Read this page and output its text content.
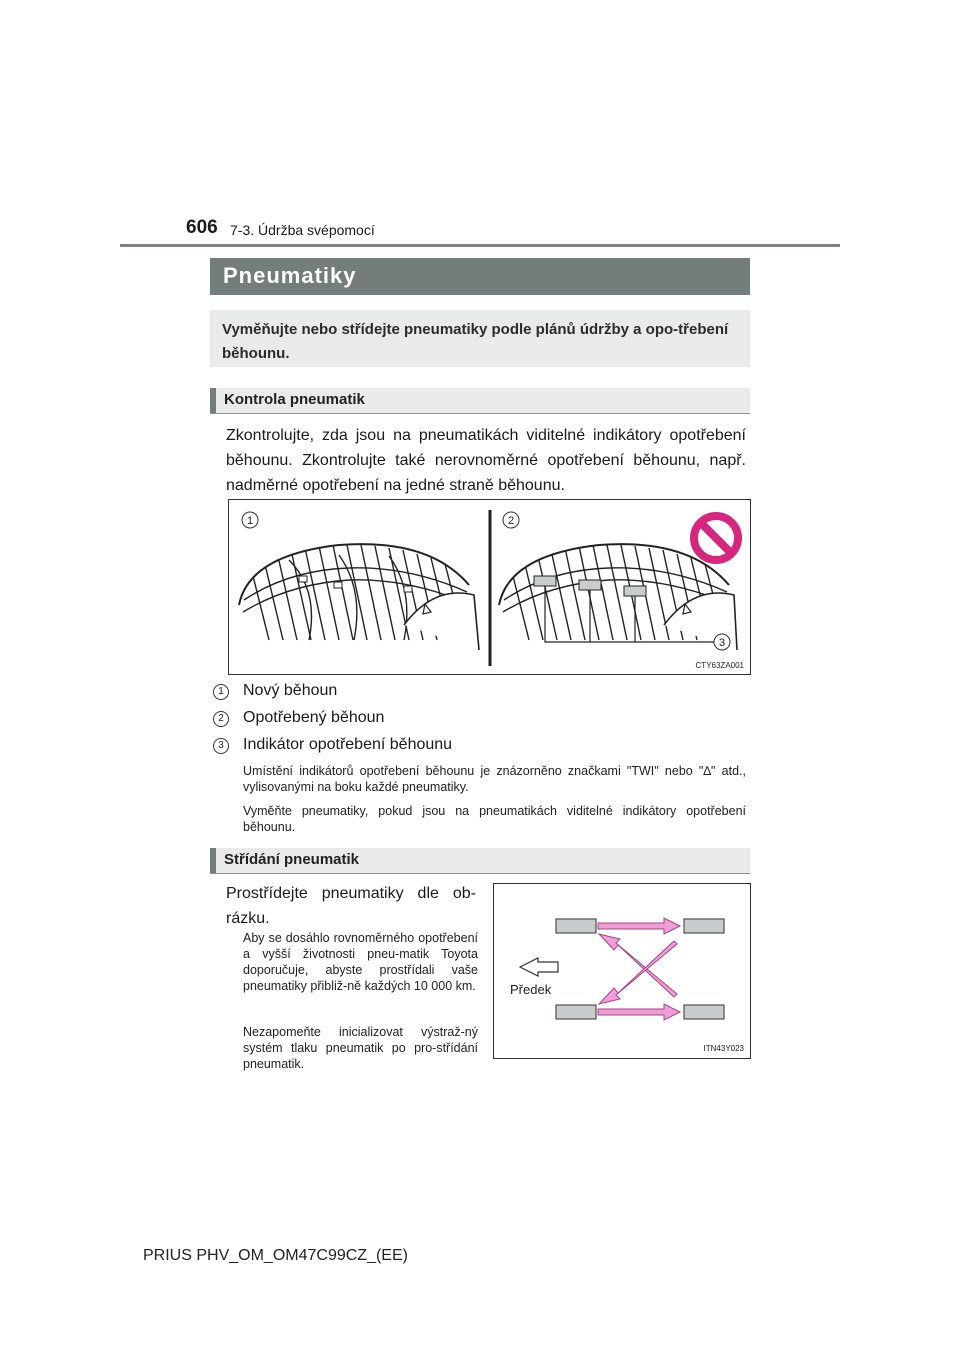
606 7-3. Údržba svépomocí
Pneumatiky
Vyměňujte nebo střídejte pneumatiky podle plánů údržby a opo-třebení běhounu.
Kontrola pneumatik
Zkontrolujte, zda jsou na pneumatikách viditelné indikátory opotřebení běhounu. Zkontrolujte také nerovnoměrné opotřebení běhounu, např. nadměrné opotřebení na jedné straně běhounu.
1	2
3
CTY63ZA001
1	Nový běhoun
2	Opotřebený běhoun
3	Indikátor opotřebení běhounu
Umístění indikátorů opotřebení běhounu je znázorněno značkami "TWI" nebo "∆" atd., vylisovanými na boku každé pneumatiky.
Vyměňte pneumatiky, pokud jsou na pneumatikách viditelné indikátory opotřebení běhounu.
Střídání pneumatik
Prostřídejte pneumatiky dle ob-rázku.
Aby se dosáhlo rovnoměrného opotřebení a vyšší životnosti pneu-matik Toyota doporučuje, abyste prostřídali vaše pneumatiky přibliž-ně každých 10 000 km.
Nezapomeňte inicializovat výstraž-ný systém tlaku pneumatik po pro-střídání pneumatik.
Předek
ITN43Y023
PRIUS PHV_OM_OM47C99CZ_(EE)
